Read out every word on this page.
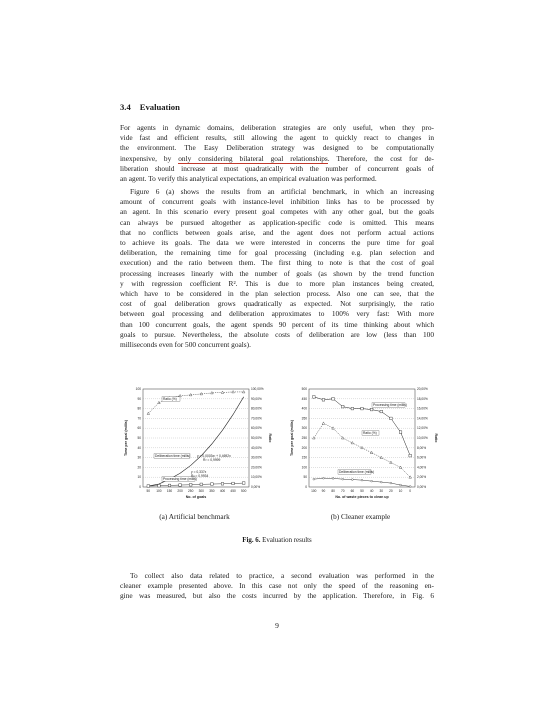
3.4 Evaluation

For agents in dynamic domains, deliberation strategies are only useful, when they pro-
vide fast and efficient results, still allowing the agent to quickly react to changes in
the environment. The Easy Deliberation strategy was designed to be computationally
inexpensive, by only considering bilateral goal relationships. Therefore, the cost for de-
liberation should increase at most quadratically with the number of concurrent goals of
an agent. To verify this analytical expectations, an empirical evaluation was performed.

Figure 6 (a) shows the results from an artificial benchmark, in which an increasing
amount of concurrent goals with instance-level inhibition links has to be processed by
an agent. In this scenario every present goal competes with any other goal, but the goals
can always be pursued altogether as application-specific code is omitted. This means
that no conflicts between goals arise, and the agent does not perform actual actions
to achieve its goals. The data we were interested in concerns the pure time for goal
deliberation, the remaining time for goal processing (including e.g. plan selection and
execution) and the ratio between them. The first thing to note is that the cost of goal
processing increases linearly with the number of goals (as shown by the trend function
y with regression coefficient R². This is due to more plan instances being created,
which have to be considered in the plan selection process. Also one can see, that the
cost of goal deliberation grows quadratically as expected. Not surprisingly, the ratio
between goal processing and deliberation approximates to 100% very fast: With more
than 100 concurrent goals, the agent spends 90 percent of its time thinking about which
goals to pursue. Nevertheless, the absolute costs of deliberation are low (less than 100
milliseconds even for 500 concurrent goals).

0
10
20
30
40
50
60
70
80
90
100
0,00%
10,00%
20,00%
30,00%
40,00%
50,00%
60,00%
70,00%
80,00%
90,00%
100,00%
50 100 150 200 250 300 350 400 450 500
No. of goals
Time per goal (millis)	Ratio
Ratio (%)
Deliberation time (millis)
Processing time (millis)
y = 0,0003x² + 0,4692x
R² = 0,9999
y = 0,337x
R² = 0,9934
0
50
100
150
200
250
300
350
400
450
500
0,00%
2,00%
4,00%
6,00%
8,00%
10,00%
12,00%
14,00%
16,00%
18,00%
20,00%
100 90 80 70 60 50 40 30 20 10 0
No. of waste pieces to clean up
Time per goal (millis)	Ratio
Processing time (millis)
Ratio (%)
Deliberation time (millis)
(a) Artificial benchmark	(b) Cleaner example
Fig. 6. Evaluation results

To collect also data related to practice, a second evaluation was performed in the
cleaner example presented above. In this case not only the speed of the reasoning en-
gine was measured, but also the costs incurred by the application. Therefore, in Fig. 6

9
